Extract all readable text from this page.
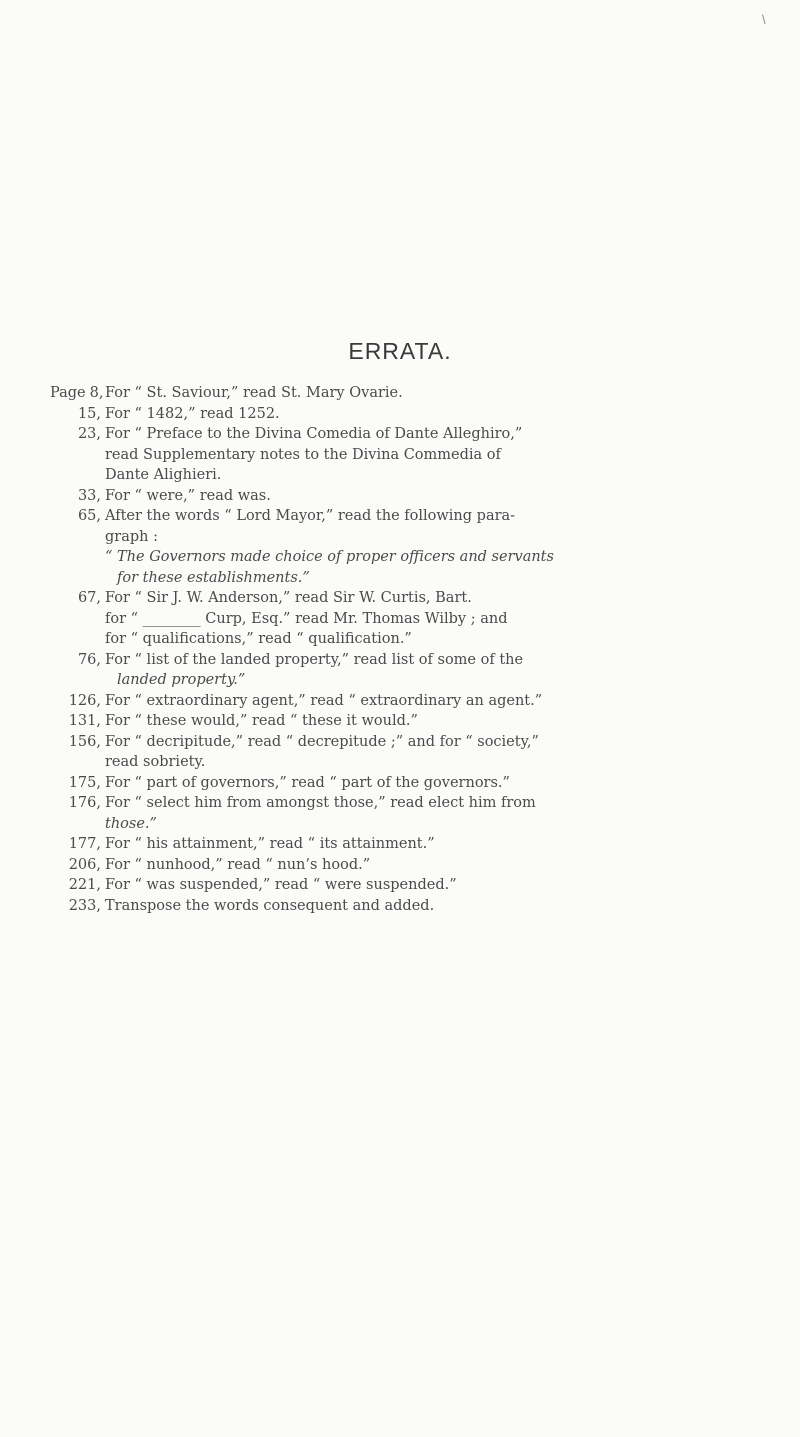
\
ERRATA.
Page 8, For “ St. Saviour,” read St. Mary Ovarie.
15, For “ 1482,” read 1252.
23, For “ Preface to the Divina Comedia of Dante Alleghiro,”
read Supplementary notes to the Divina Commedia of
Dante Alighieri.
33, For “ were,” read was.
65, After the words “ Lord Mayor,” read the following para-
graph :
“ The Governors made choice of proper officers and servants
for these establishments.”
67, For “ Sir J. W. Anderson,” read Sir W. Curtis, Bart.
for “ ________ Curp, Esq.” read Mr. Thomas Wilby ; and
for “ qualifications,” read “ qualification.”
76, For “ list of the landed property,” read list of some of the
landed property.”
126, For “ extraordinary agent,” read “ extraordinary an agent.”
131, For “ these would,” read “ these it would.”
156, For “ decripitude,” read “ decrepitude ;” and for “ society,”
read sobriety.
175, For “ part of governors,” read “ part of the governors.”
176, For “ select him from amongst those,” read elect him from
those.”
177, For “ his attainment,” read “ its attainment.”
206, For “ nunhood,” read “ nun’s hood.”
221, For “ was suspended,” read “ were suspended.”
233, Transpose the words consequent and added.
